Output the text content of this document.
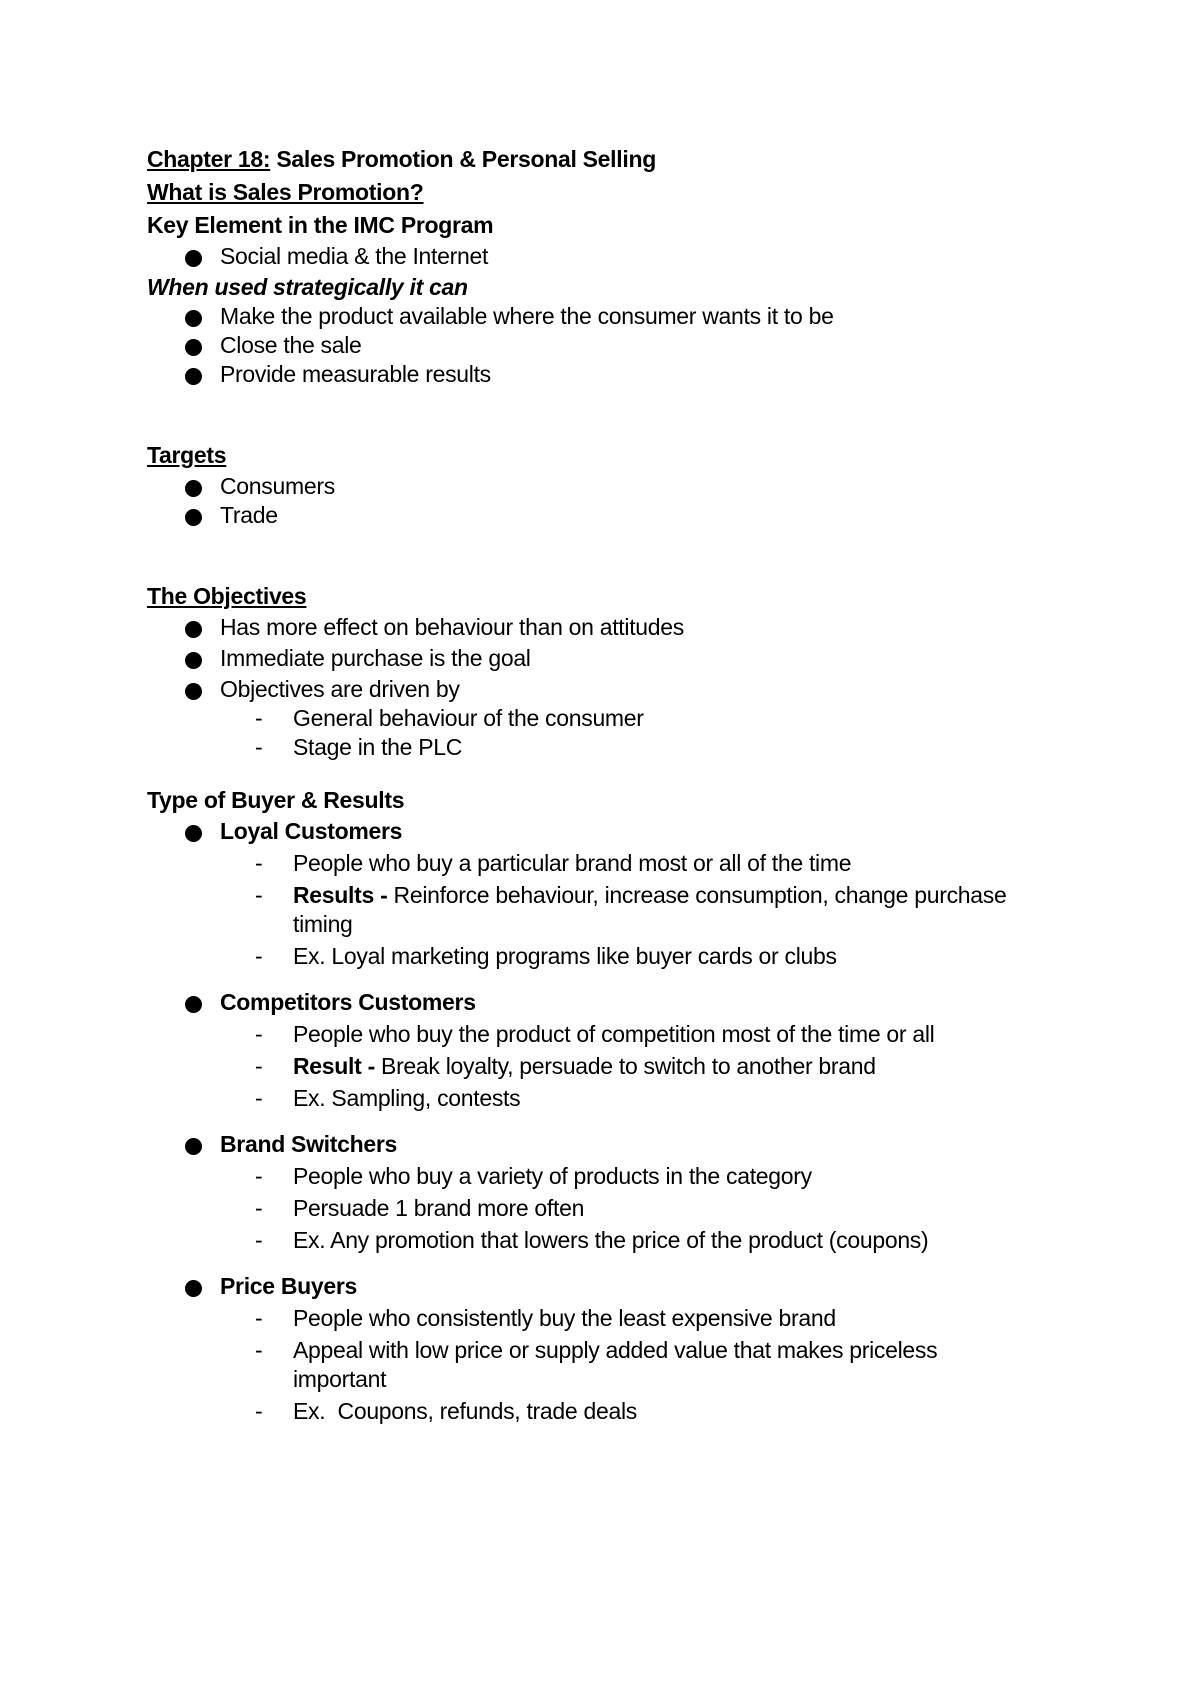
Chapter 18: Sales Promotion & Personal Selling
What is Sales Promotion?
Key Element in the IMC Program
Social media & the Internet
When used strategically it can
Make the product available where the consumer wants it to be
Close the sale
Provide measurable results
Targets
Consumers
Trade
The Objectives
Has more effect on behaviour than on attitudes
Immediate purchase is the goal
Objectives are driven by
-	General behaviour of the consumer
-	Stage in the PLC
Type of Buyer & Results
Loyal Customers
-	People who buy a particular brand most or all of the time
-	Results - Reinforce behaviour, increase consumption, change purchase timing
-	Ex. Loyal marketing programs like buyer cards or clubs
Competitors Customers
-	People who buy the product of competition most of the time or all
-	Result - Break loyalty, persuade to switch to another brand
-	Ex. Sampling, contests
Brand Switchers
-	People who buy a variety of products in the category
-	Persuade 1 brand more often
-	Ex. Any promotion that lowers the price of the product (coupons)
Price Buyers
-	People who consistently buy the least expensive brand
-	Appeal with low price or supply added value that makes priceless important
-	Ex.  Coupons, refunds, trade deals
